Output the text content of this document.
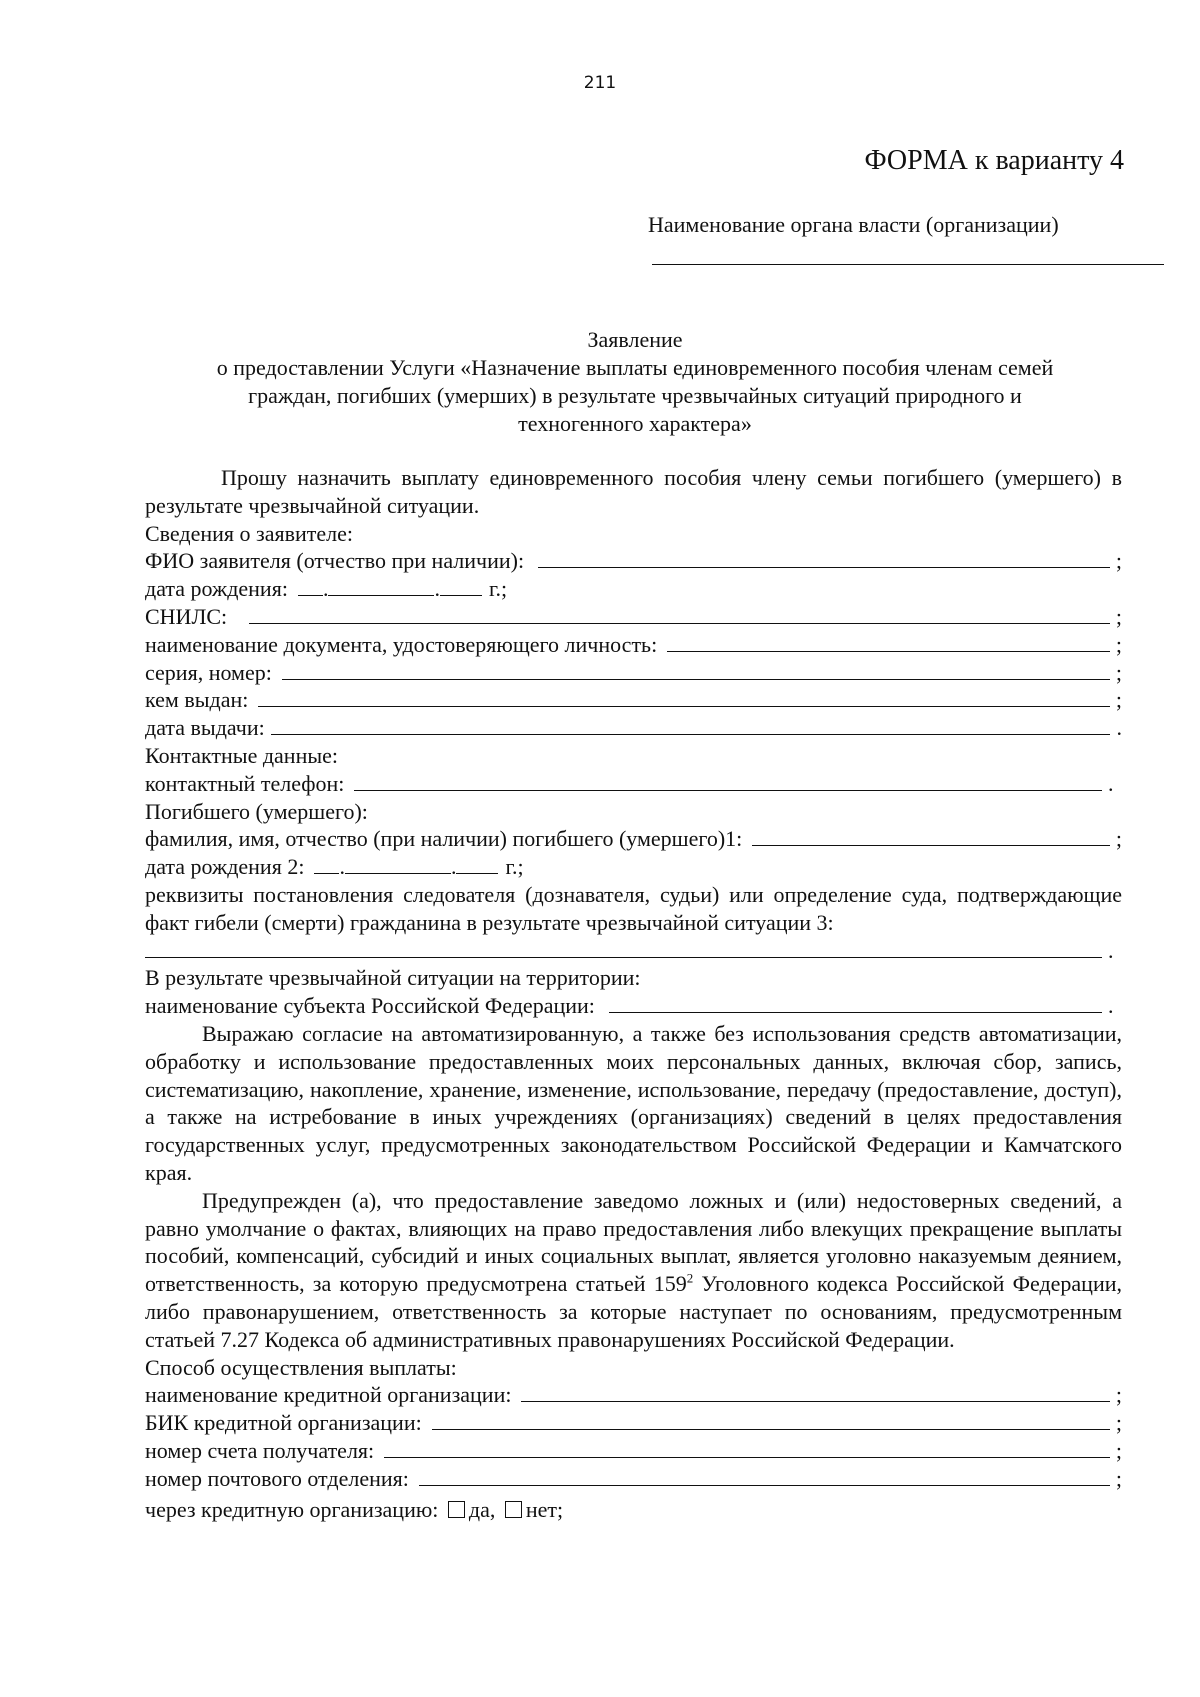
211
ФОРМА к варианту 4
Наименование органа власти (организации)
Заявление
о предоставлении Услуги «Назначение выплаты единовременного пособия членам семей
граждан, погибших (умерших) в результате чрезвычайных ситуаций природного и
техногенного характера»
Прошу назначить выплату единовременного пособия члену семьи погибшего (умершего) в результате чрезвычайной ситуации.
Сведения о заявителе:
ФИО заявителя (отчество при наличии):	;
дата рождения: .	. г.;
СНИЛС:	;
наименование документа, удостоверяющего личность:	;
серия, номер:	;
кем выдан:	;
дата выдачи:	.
Контактные данные:
контактный телефон:	.
Погибшего (умершего):
фамилия, имя, отчество (при наличии) погибшего (умершего)1:	;
дата рождения 2: .	. г.;
реквизиты постановления следователя (дознавателя, судьи) или определение суда, подтверждающие факт гибели (смерти) гражданина в результате чрезвычайной ситуации 3:
.
В результате чрезвычайной ситуации на территории:
наименование субъекта Российской Федерации:	.
Выражаю согласие на автоматизированную, а также без использования средств автоматизации, обработку и использование предоставленных моих персональных данных, включая сбор, запись, систематизацию, накопление, хранение, изменение, использование, передачу (предоставление, доступ), а также на истребование в иных учреждениях (организациях) сведений в целях предоставления государственных услуг, предусмотренных законодательством Российской Федерации и Камчатского края.
Предупрежден (а), что предоставление заведомо ложных и (или) недостоверных сведений, а равно умолчание о фактах, влияющих на право предоставления либо влекущих прекращение выплаты пособий, компенсаций, субсидий и иных социальных выплат, является уголовно наказуемым деянием, ответственность, за которую предусмотрена статьей $159^2$ Уголовного кодекса Российской Федерации, либо правонарушением, ответственность за которые наступает по основаниям, предусмотренным статьей 7.27 Кодекса об административных правонарушениях Российской Федерации.
Способ осуществления выплаты:
наименование кредитной организации:	;
БИК кредитной организации:	;
номер счета получателя:	;
номер почтового отделения:	;
через кредитную организацию: да, нет;
